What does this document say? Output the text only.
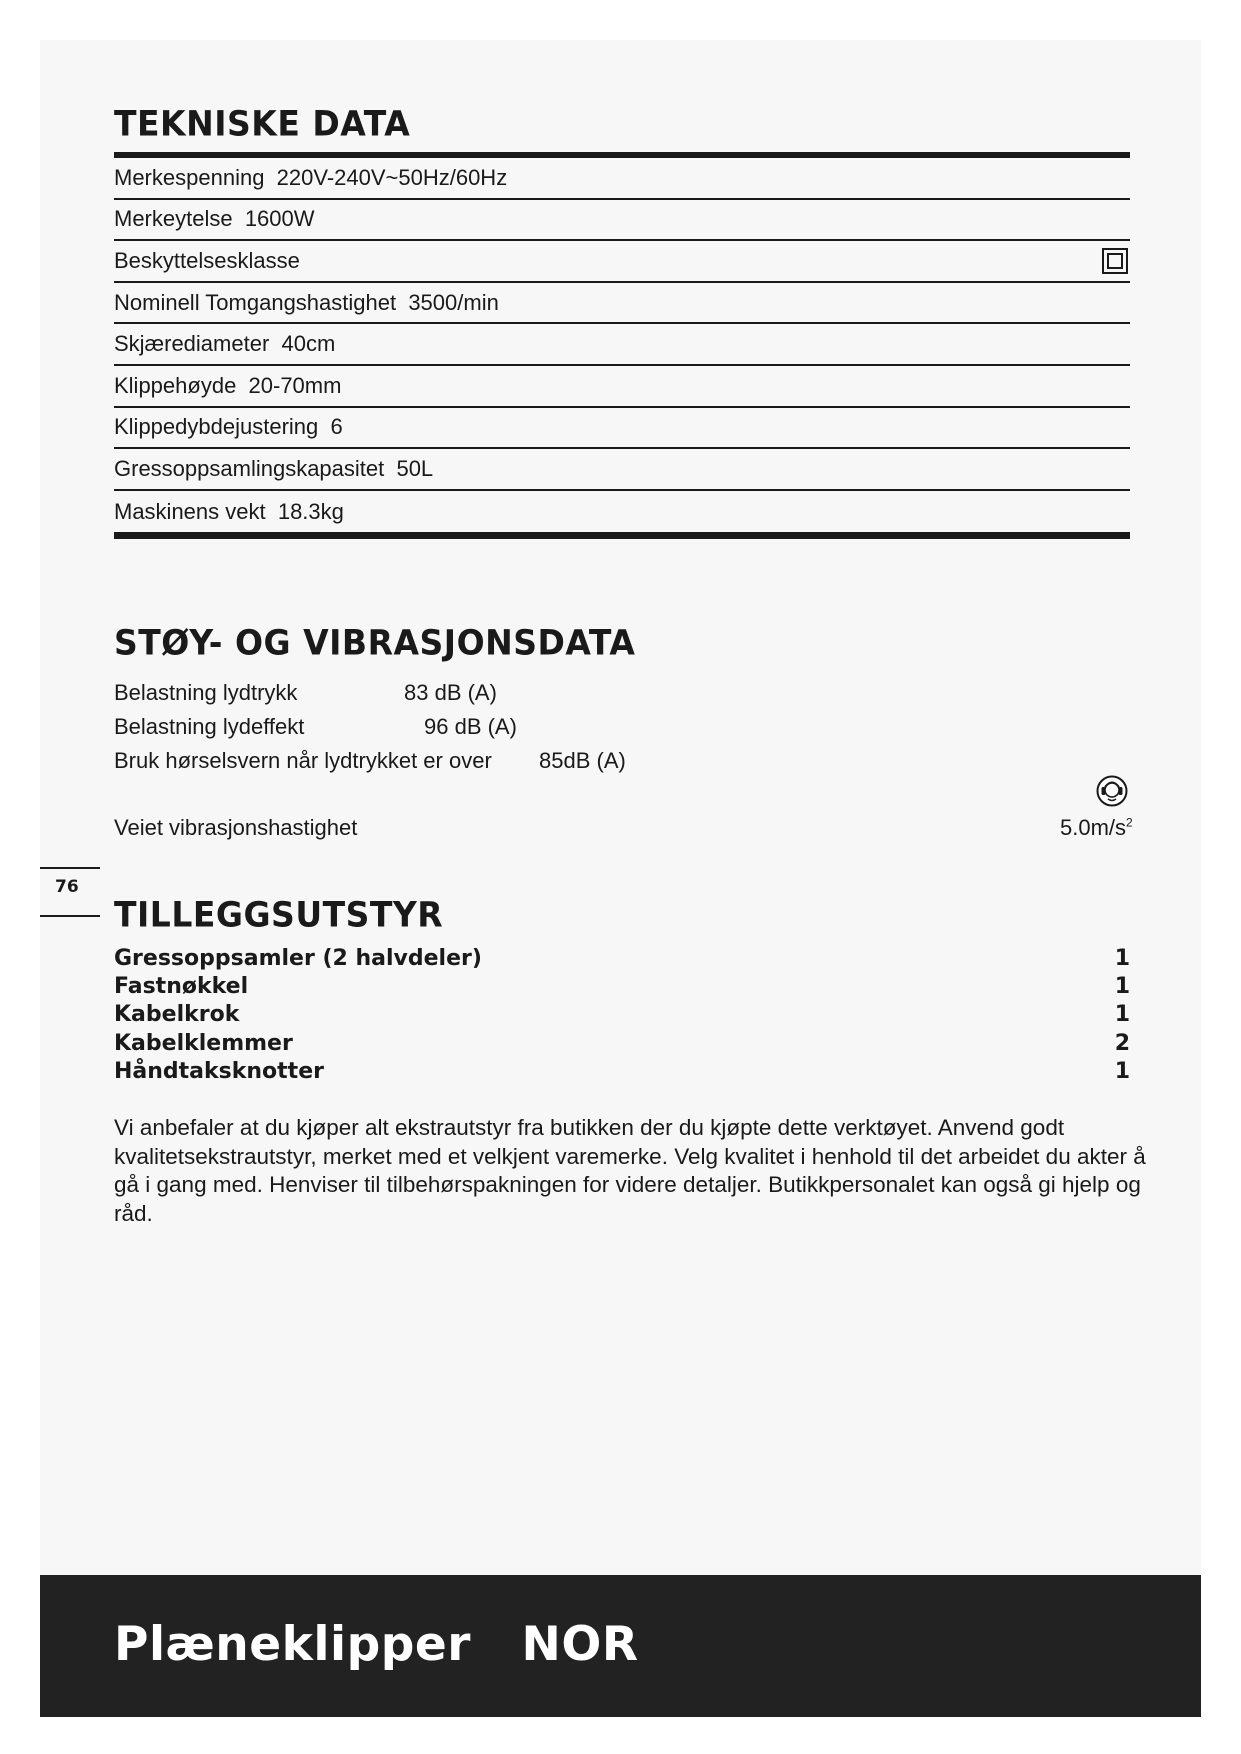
TEKNISKE DATA
Merkespenning  220V-240V~50Hz/60Hz
Merkeytelse  1600W
Beskyttelsesklasse
Nominell Tomgangshastighet  3500/min
Skjærediameter  40cm
Klippehøyde  20-70mm
Klippedybdejustering  6
Gressoppsamlingskapasitet  50L
Maskinens vekt  18.3kg
STØY- OG VIBRASJONSDATA
Belastning lydtrykk	83 dB (A)
Belastning lydeffekt	96 dB (A)
Bruk hørselsvern når lydtrykket er over 85dB (A)
Veiet vibrasjonshastighet	$5.0m/s^2$
76
TILLEGGSUTSTYR
Gressoppsamler (2 halvdeler)	1
Fastnøkkel	1
Kabelkrok	1
Kabelklemmer	2
Håndtaksknotter	1

Vi anbefaler at du kjøper alt ekstrautstyr fra butikken der du kjøpte dette verktøyet. Anvend godt kvalitetsekstrautstyr, merket med et velkjent varemerke. Velg kvalitet i henhold til det arbeidet du akter å gå i gang med. Henviser til tilbehørspakningen for videre detaljer. Butikkpersonalet kan også gi hjelp og råd.

Plæneklipper   NOR
